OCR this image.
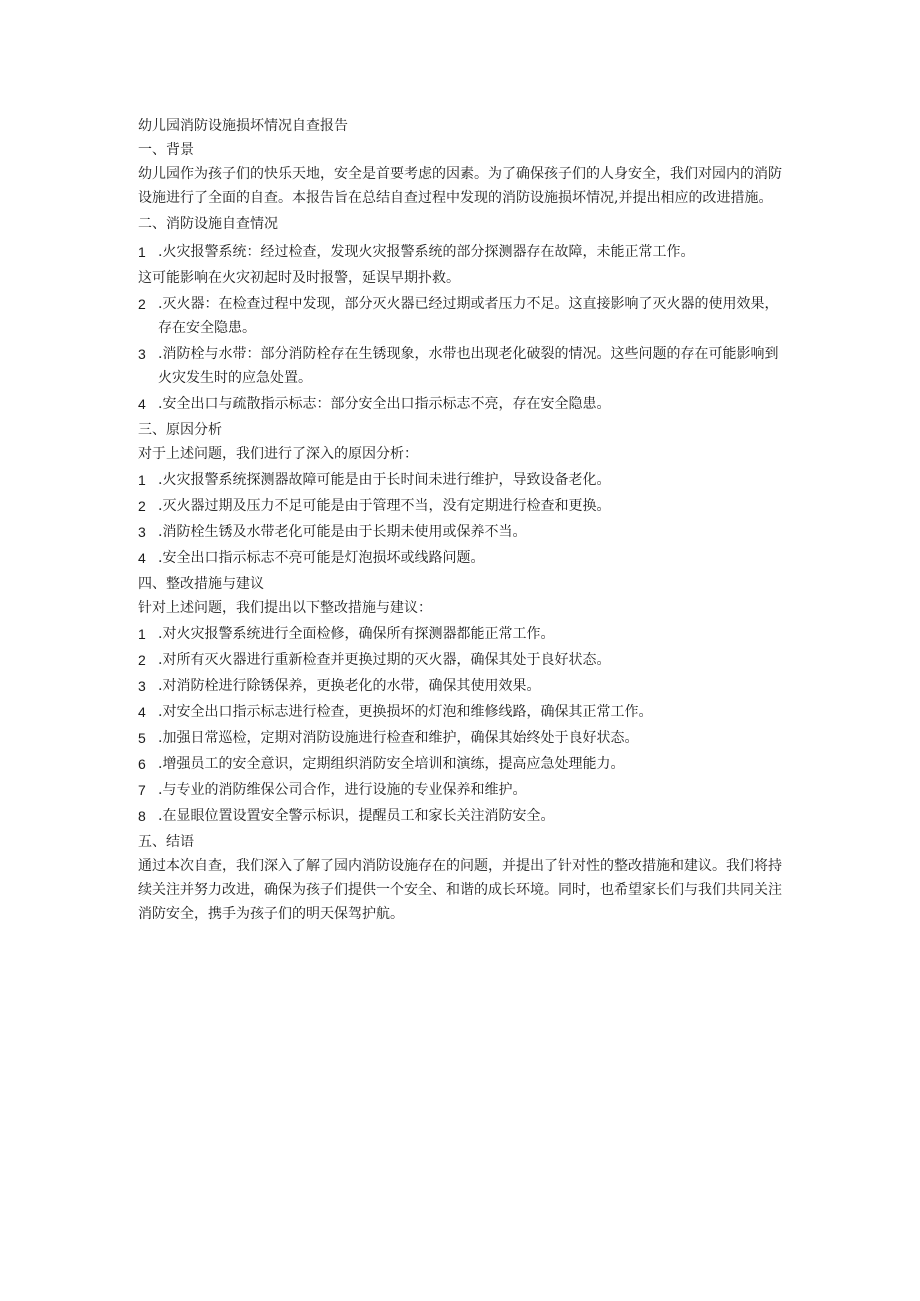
幼儿园消防设施损坏情况自查报告

一、背景

幼儿园作为孩子们的快乐天地，安全是首要考虑的因素。为了确保孩子们的人身安全，我们对园内的消防设施进行了全面的自查。本报告旨在总结自查过程中发现的消防设施损坏情况,并提出相应的改进措施。

二、消防设施自查情况

1 .火灾报警系统：经过检查，发现火灾报警系统的部分探测器存在故障，未能正常工作。

这可能影响在火灾初起时及时报警，延误早期扑救。

2 .灭火器：在检查过程中发现，部分灭火器已经过期或者压力不足。这直接影响了灭火器的使用效果，存在安全隐患。
3 .消防栓与水带：部分消防栓存在生锈现象，水带也出现老化破裂的情况。这些问题的存在可能影响到火灾发生时的应急处置。
4 .安全出口与疏散指示标志：部分安全出口指示标志不亮，存在安全隐患。

三、原因分析

对于上述问题，我们进行了深入的原因分析：

1 .火灾报警系统探测器故障可能是由于长时间未进行维护，导致设备老化。
2 .灭火器过期及压力不足可能是由于管理不当，没有定期进行检查和更换。
3 .消防栓生锈及水带老化可能是由于长期未使用或保养不当。
4 .安全出口指示标志不亮可能是灯泡损坏或线路问题。

四、整改措施与建议

针对上述问题，我们提出以下整改措施与建议：

1 .对火灾报警系统进行全面检修，确保所有探测器都能正常工作。
2 .对所有灭火器进行重新检查并更换过期的灭火器，确保其处于良好状态。
3 .对消防栓进行除锈保养，更换老化的水带，确保其使用效果。
4 .对安全出口指示标志进行检查，更换损坏的灯泡和维修线路，确保其正常工作。
5 .加强日常巡检，定期对消防设施进行检查和维护，确保其始终处于良好状态。
6 .增强员工的安全意识，定期组织消防安全培训和演练，提高应急处理能力。
7 .与专业的消防维保公司合作，进行设施的专业保养和维护。
8 .在显眼位置设置安全警示标识，提醒员工和家长关注消防安全。

五、结语

通过本次自查，我们深入了解了园内消防设施存在的问题，并提出了针对性的整改措施和建议。我们将持续关注并努力改进，确保为孩子们提供一个安全、和谐的成长环境。同时，也希望家长们与我们共同关注消防安全，携手为孩子们的明天保驾护航。
